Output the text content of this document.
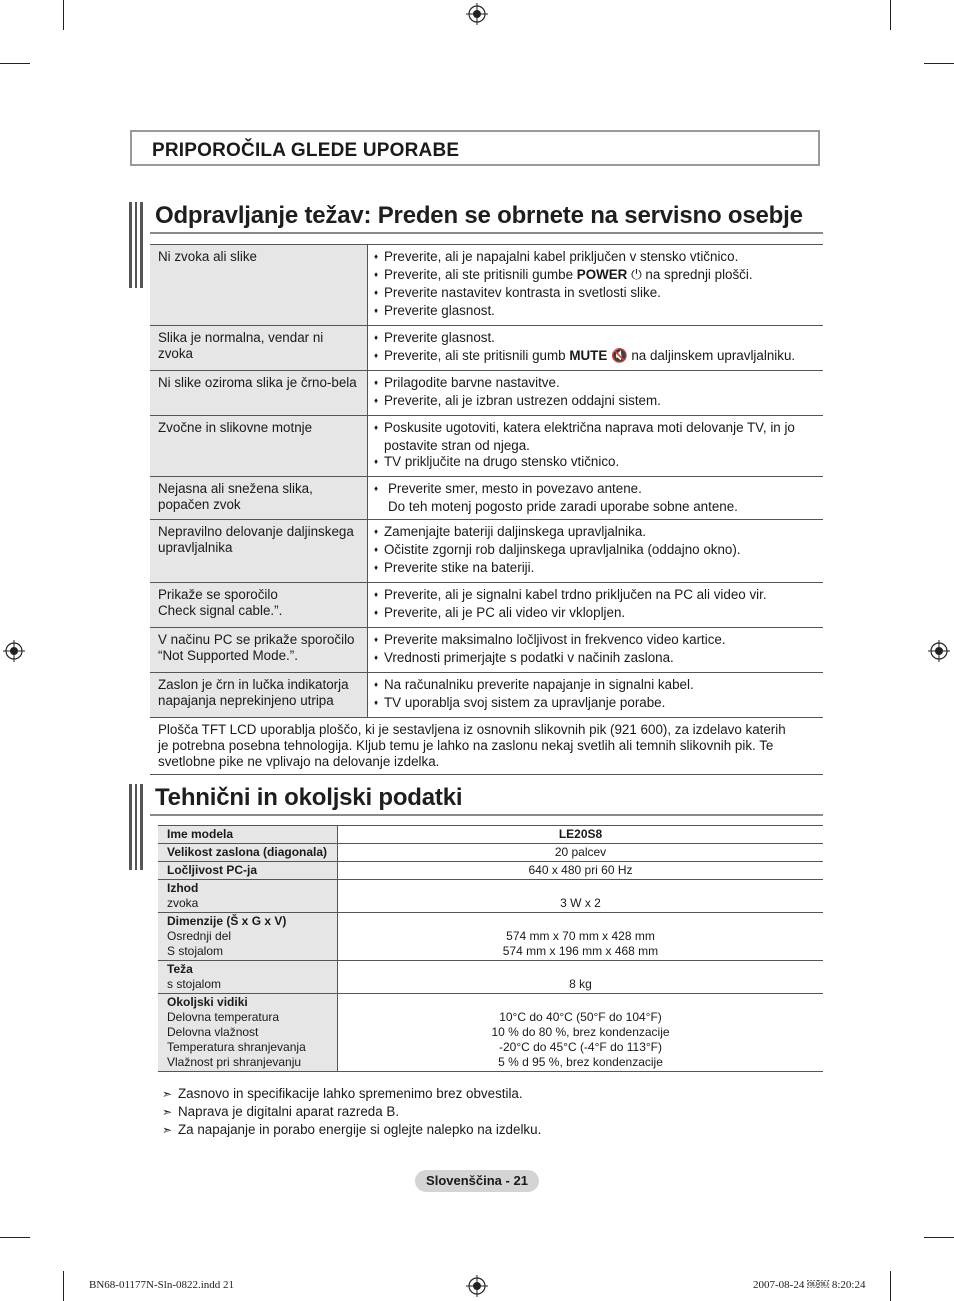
PRIPOROČILA GLEDE UPORABE
Odpravljanje težav: Preden se obrnete na servisno osebje
Ni zvoka ali slike	♦ Preverite, ali je napajalni kabel priključen v stensko vtičnico.
♦ Preverite, ali ste pritisnili gumbe POWER ⏻ na sprednji plošči.
♦ Preverite nastavitev kontrasta in svetlosti slike.
♦ Preverite glasnost.

Slika je normalna, vendar ni
zvoka	♦ Preverite glasnost.
♦ Preverite, ali ste pritisnili gumb MUTE 🔇 na daljinskem upravljalniku.

Ni slike oziroma slika je črno-bela	♦ Prilagodite barvne nastavitve.
♦ Preverite, ali je izbran ustrezen oddajni sistem.

Zvočne in slikovne motnje	♦ Poskusite ugotoviti, katera električna naprava moti delovanje TV, in jo postavite stran od njega.
♦ TV priključite na drugo stensko vtičnico.

Nejasna ali snežena slika,
popačen zvok	♦ Preverite smer, mesto in povezavo antene.
Do teh motenj pogosto pride zaradi uporabe sobne antene.

Nepravilno delovanje daljinskega
upravljalnika	♦ Zamenjajte bateriji daljinskega upravljalnika.
♦ Očistite zgornji rob daljinskega upravljalnika (oddajno okno).
♦ Preverite stike na bateriji.

Prikaže se sporočilo
Check signal cable.”.	♦ Preverite, ali je signalni kabel trdno priključen na PC ali video vir.
♦ Preverite, ali je PC ali video vir vklopljen.

V načinu PC se prikaže sporočilo
“Not Supported Mode.”.	♦ Preverite maksimalno ločljivost in frekvenco video kartice.
♦ Vrednosti primerjajte s podatki v načinih zaslona.

Zaslon je črn in lučka indikatorja
napajanja neprekinjeno utripa	♦ Na računalniku preverite napajanje in signalni kabel.
♦ TV uporablja svoj sistem za upravljanje porabe.

Plošča TFT LCD uporablja ploščo, ki je sestavljena iz osnovnih slikovnih pik (921 600), za izdelavo katerih
je potrebna posebna tehnologija. Kljub temu je lahko na zaslonu nekaj svetlih ali temnih slikovnih pik. Te
svetlobne pike ne vplivajo na delovanje izdelka.	
Tehnični in okoljski podatki
Ime modela	LE20S8

Velikost zaslona (diagonala)	20 palcev

Ločljivost PC-ja	640 x 480 pri 60 Hz

Izhod
zvoka	3 W x 2

Dimenzije (Š x G x V)
Osrednji del
S stojalom	574 mm x 70 mm x 428 mm
574 mm x 196 mm x 468 mm

Teža
s stojalom	8 kg

Okoljski vidiki
Delovna temperatura
Delovna vlažnost
Temperatura shranjevanja
Vlažnost pri shranjevanju	10°C do 40°C (50°F do 104°F)
10 % do 80 %, brez kondenzacije
-20°C do 45°C (-4°F do 113°F)
5 % d 95 %, brez kondenzacije
➣ Zasnovo in specifikacije lahko spremenimo brez obvestila.
➣ Naprava je digitalni aparat razreda B.
➣ Za napajanje in porabo energije si oglejte nalepko na izdelku.
Slovenščina - 21
BN68-01177N-Sln-0822.indd 21	2007-08-24 ￼￼ 8:20:24
